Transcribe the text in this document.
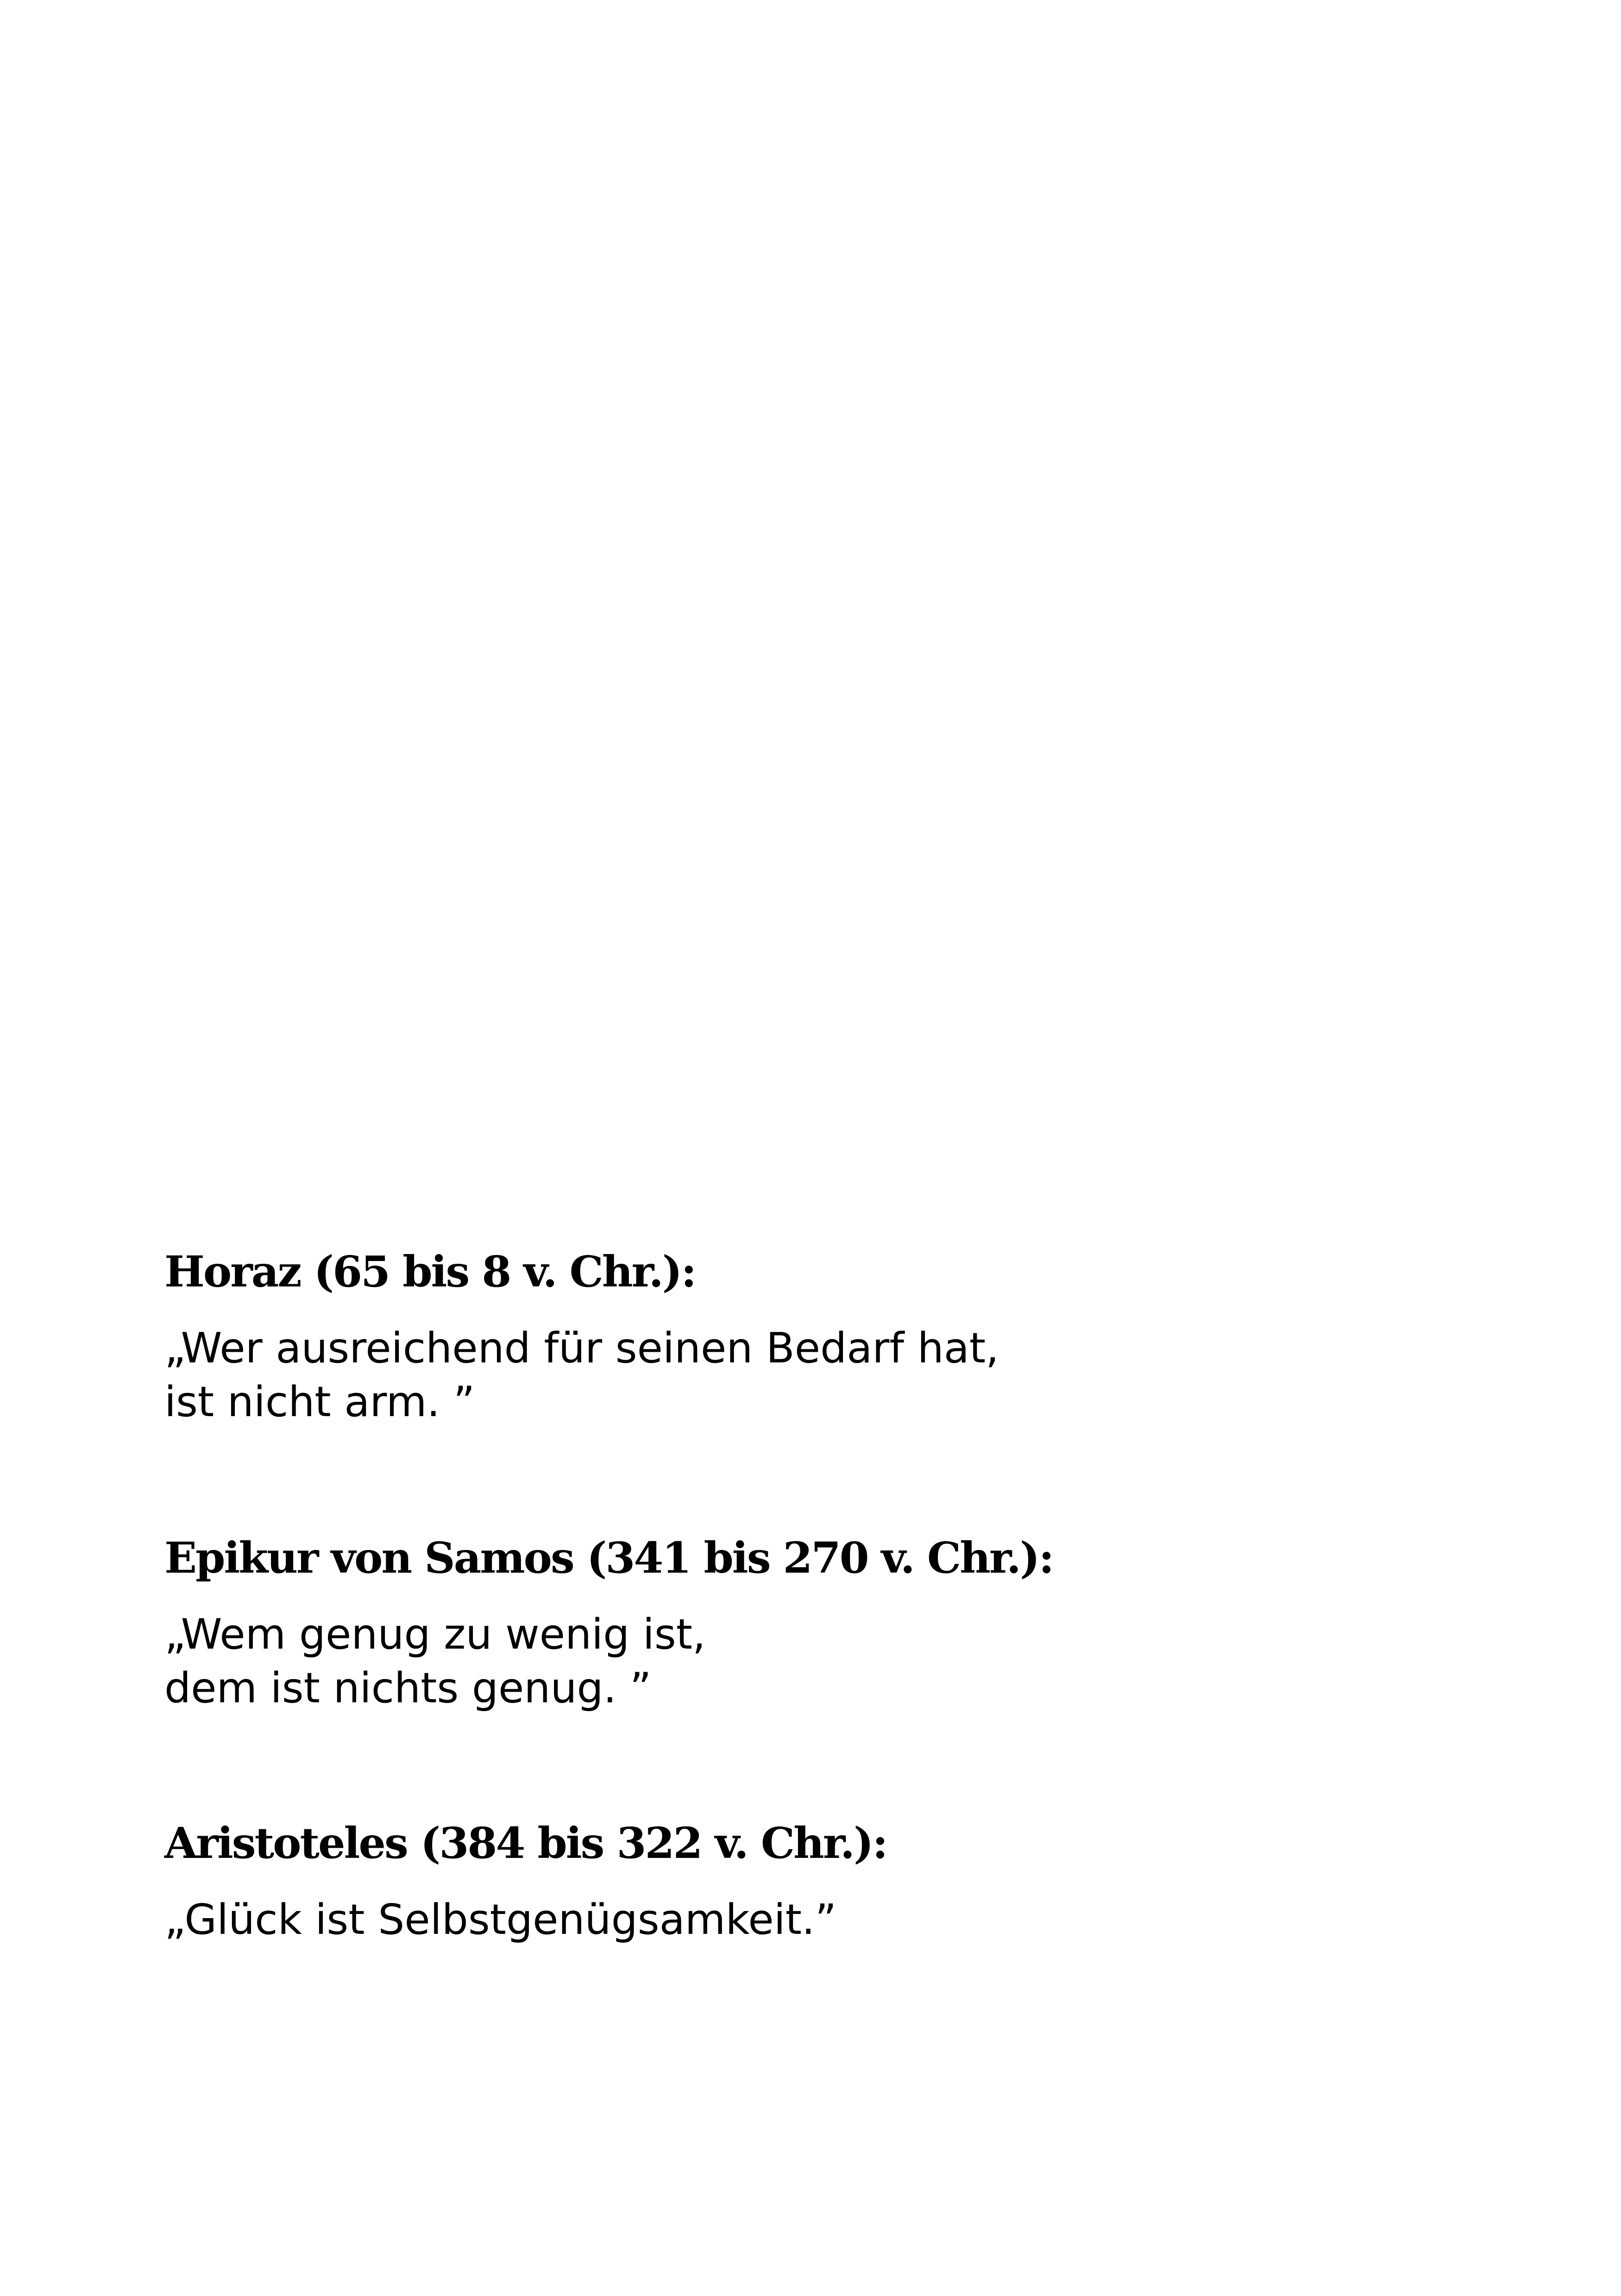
Horaz (65 bis 8 v. Chr.):

„Wer ausreichend für seinen Bedarf hat,
ist nicht arm. ”

Epikur von Samos (341 bis 270 v. Chr.):

„Wem genug zu wenig ist,
dem ist nichts genug. ”

Aristoteles (384 bis 322 v. Chr.):

„Glück ist Selbstgenügsamkeit.”
